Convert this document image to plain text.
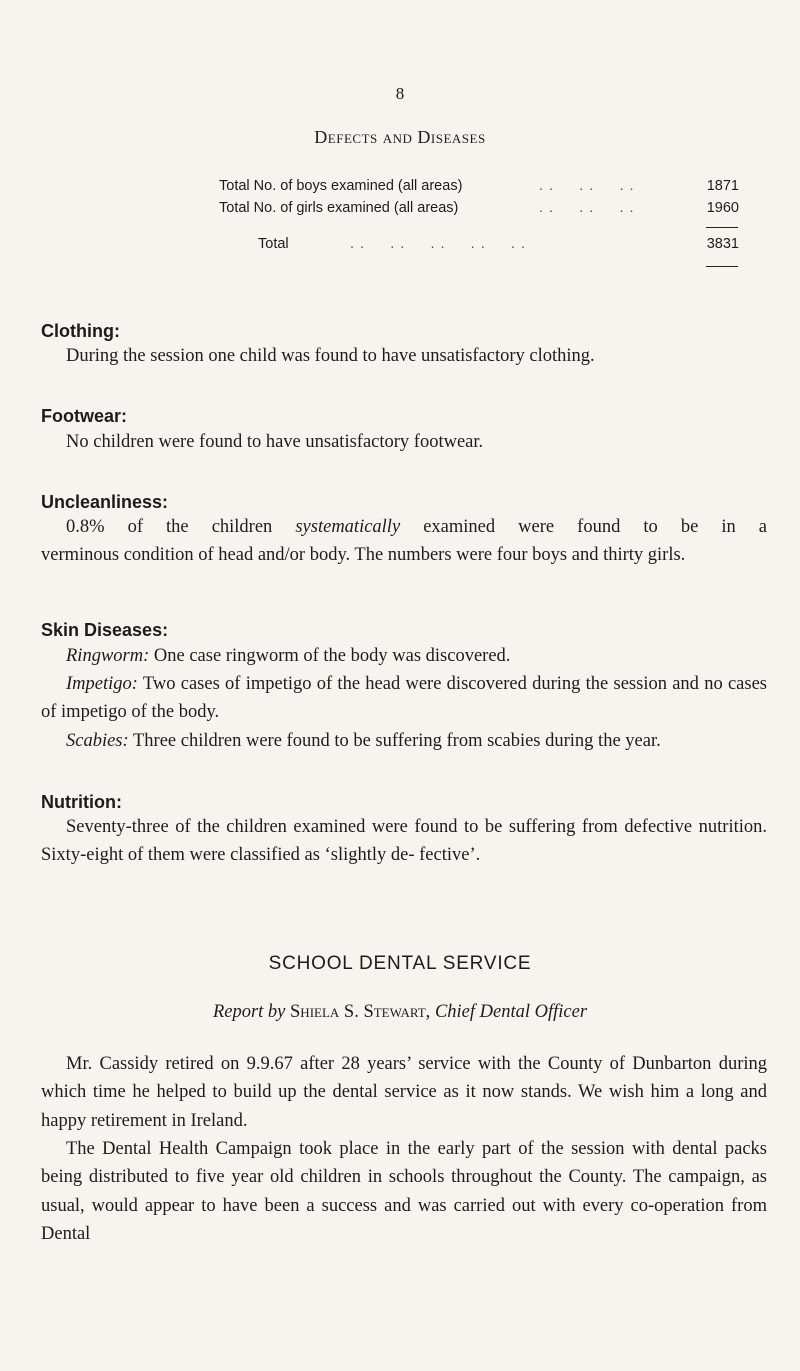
8
Defects and Diseases
Total No. of boys examined (all areas)	. .     . .     . .	1871
Total No. of girls examined (all areas)	. .     . .     . .	1960
Total	. .     . .     . .     . .     . .	3831
Clothing:
During the session one child was found to have unsatisfactory clothing.
Footwear:
No children were found to have unsatisfactory footwear.
Uncleanliness:
0.8% of the children systematically examined were found to be in a
verminous condition of head and/or body. The numbers were four boys and thirty girls.
Skin Diseases:
Ringworm: One case ringworm of the body was discovered.
Impetigo: Two cases of impetigo of the head were discovered during the session and no cases of impetigo of the body.
Scabies: Three children were found to be suffering from scabies during the year.
Nutrition:
Seventy-three of the children examined were found to be suffering from defective nutrition. Sixty-eight of them were classified as ‘slightly de- fective’.
SCHOOL DENTAL SERVICE
Report by Shiela S. Stewart, Chief Dental Officer
Mr. Cassidy retired on 9.9.67 after 28 years’ service with the County of Dunbarton during which time he helped to build up the dental service as it now stands. We wish him a long and happy retirement in Ireland.
The Dental Health Campaign took place in the early part of the session with dental packs being distributed to five year old children in schools throughout the County. The campaign, as usual, would appear to have been a success and was carried out with every co-operation from Dental
